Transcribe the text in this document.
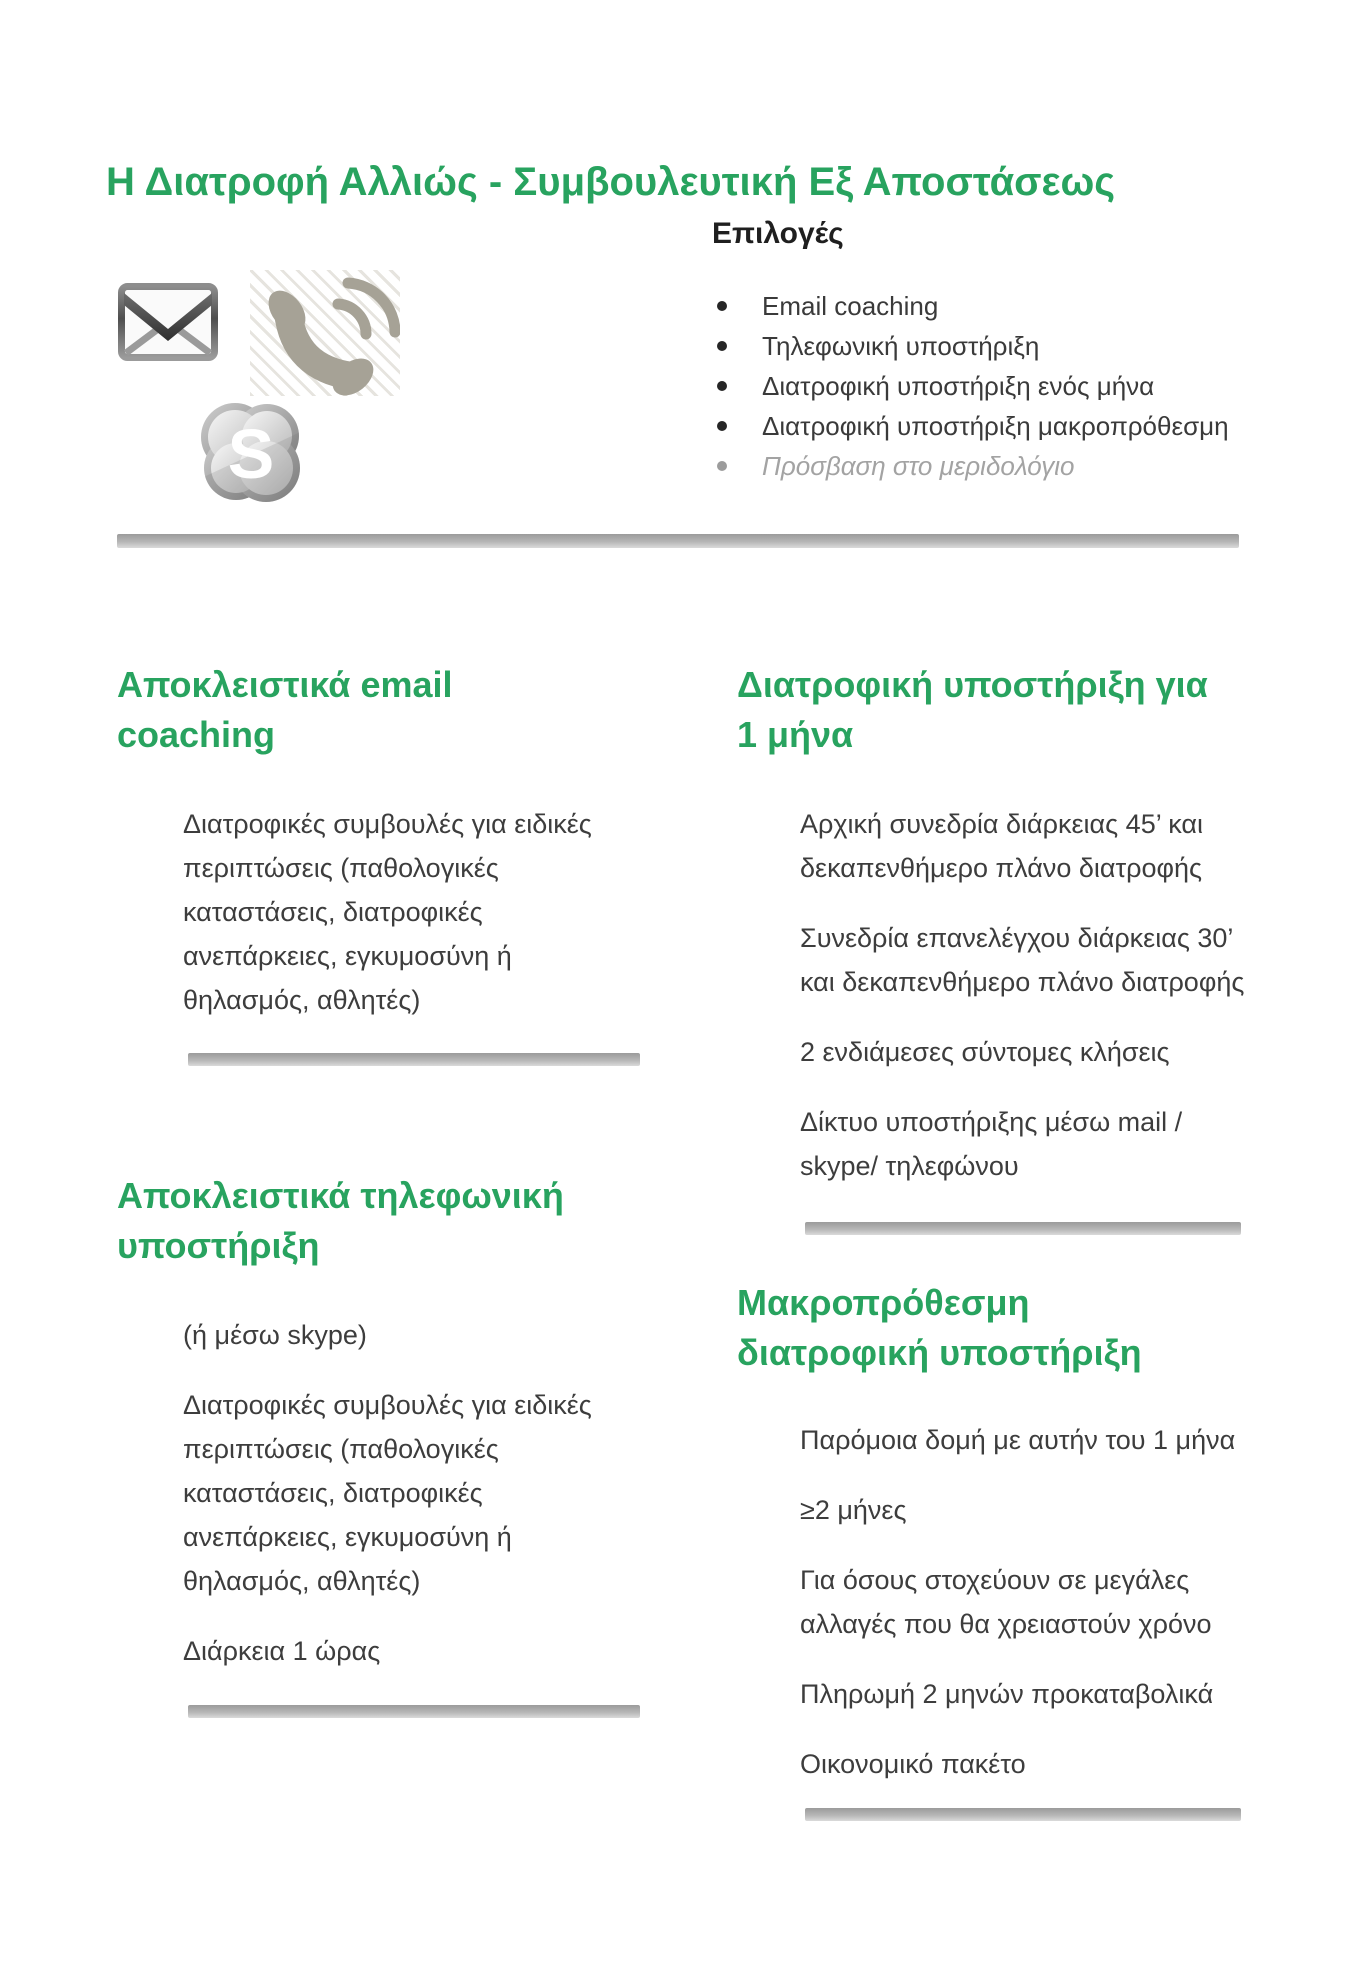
Η Διατροφή Αλλιώς - Συμβουλευτική Εξ Αποστάσεως
S
Επιλογές
Email coaching
Τηλεφωνική υποστήριξη
Διατροφική υποστήριξη ενός μήνα
Διατροφική υποστήριξη μακροπρόθεσμη
Πρόσβαση στο μεριδολόγιο
Αποκλειστικά email
coaching

Διατροφικές συμβουλές για ειδικές περιπτώσεις (παθολογικές καταστάσεις, διατροφικές ανεπάρκειες, εγκυμοσύνη ή θηλασμός, αθλητές)

Αποκλειστικά τηλεφωνική
υποστήριξη

(ή μέσω skype)

Διατροφικές συμβουλές για ειδικές περιπτώσεις (παθολογικές καταστάσεις, διατροφικές ανεπάρκειες, εγκυμοσύνη ή θηλασμός, αθλητές)

Διάρκεια 1 ώρας

Διατροφική υποστήριξη για
1 μήνα

Αρχική συνεδρία διάρκειας 45’ και δεκαπενθήμερο πλάνο διατροφής

Συνεδρία επανελέγχου διάρκειας 30’ και δεκαπενθήμερο πλάνο διατροφής

2 ενδιάμεσες σύντομες κλήσεις

Δίκτυο υποστήριξης μέσω mail / skype/ τηλεφώνου

Μακροπρόθεσμη
διατροφική υποστήριξη

Παρόμοια δομή με αυτήν του 1 μήνα

≥2 μήνες

Για όσους στοχεύουν σε μεγάλες αλλαγές που θα χρειαστούν χρόνο

Πληρωμή 2 μηνών προκαταβολικά

Οικονομικό πακέτο
